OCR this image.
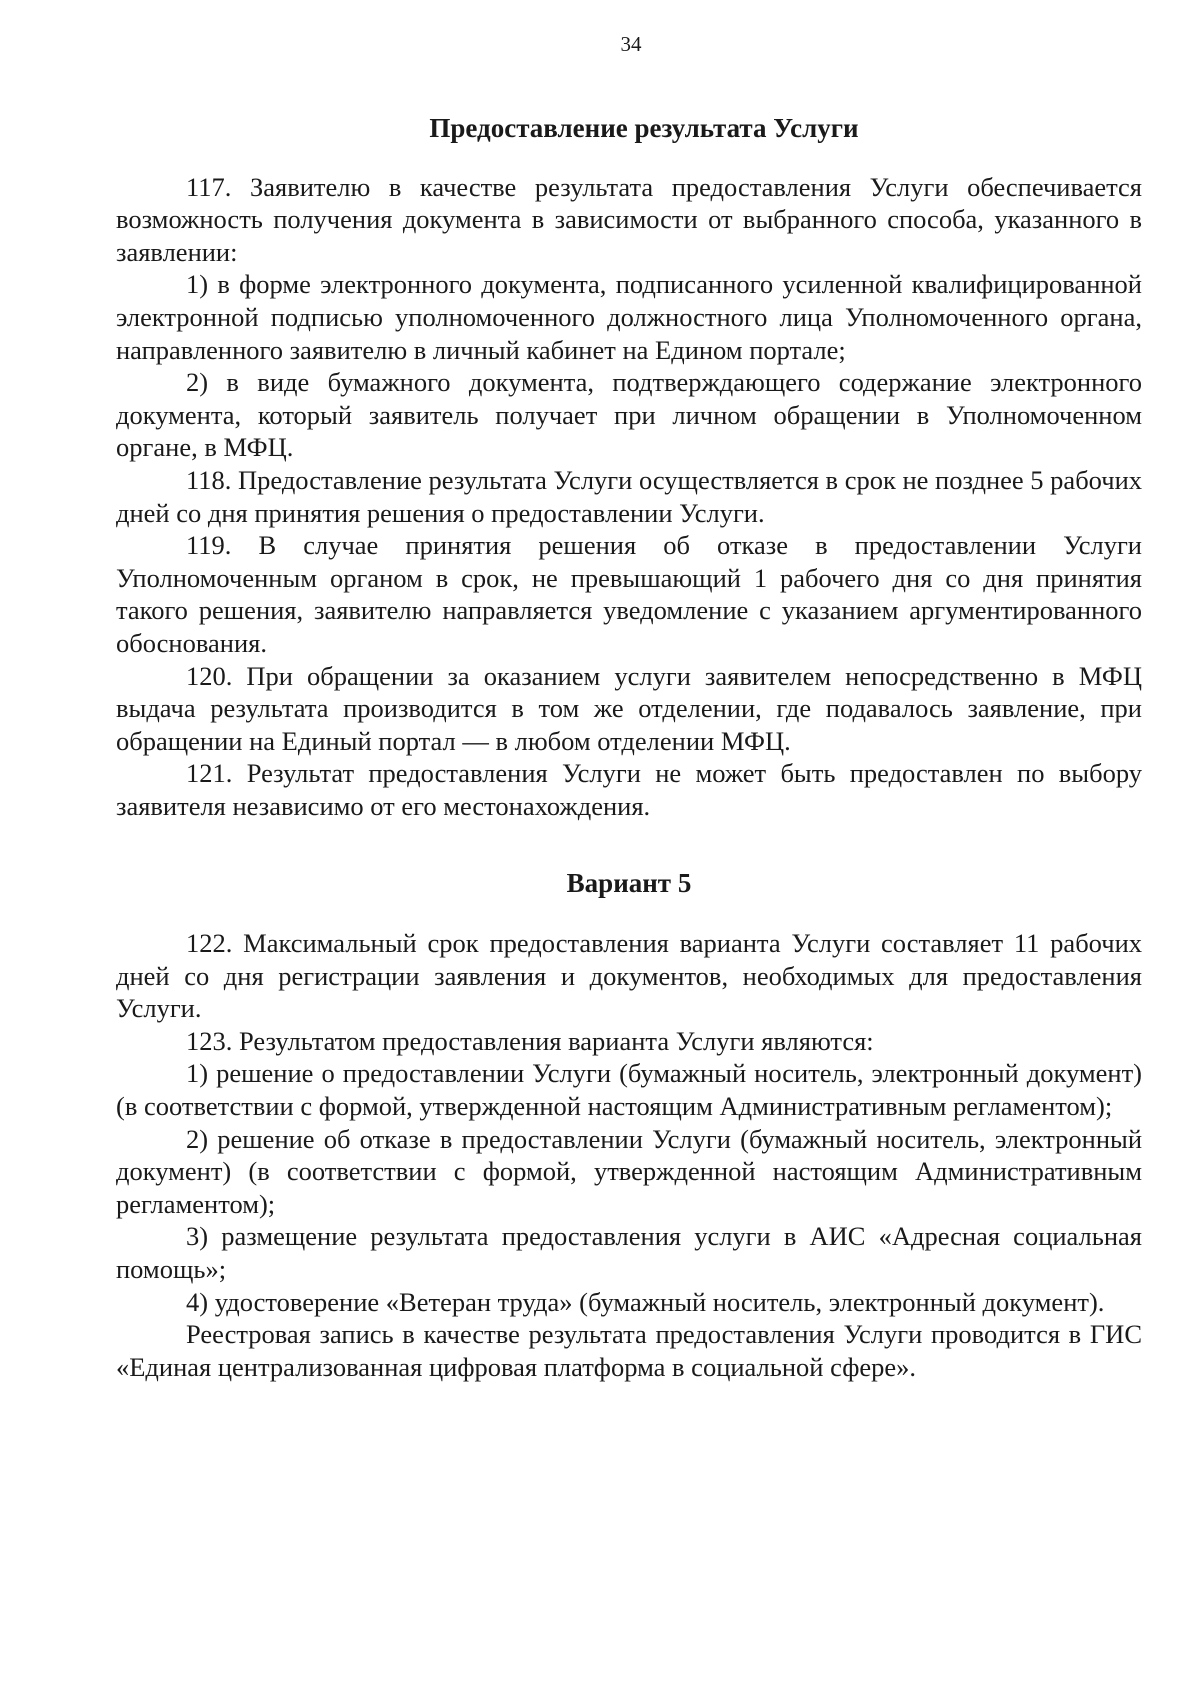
34
Предоставление результата Услуги

117. Заявителю в качестве результата предоставления Услуги обеспечивается возможность получения документа в зависимости от выбранного способа, указанного в заявлении:

1) в форме электронного документа, подписанного усиленной квалифицированной электронной подписью уполномоченного должностного лица Уполномоченного органа, направленного заявителю в личный кабинет на Едином портале;

2) в виде бумажного документа, подтверждающего содержание электронного документа, который заявитель получает при личном обращении в Уполномоченном органе, в МФЦ.

118. Предоставление результата Услуги осуществляется в срок не позднее 5 рабочих дней со дня принятия решения о предоставлении Услуги.

119. В случае принятия решения об отказе в предоставлении Услуги Уполномоченным органом в срок, не превышающий 1 рабочего дня со дня принятия такого решения, заявителю направляется уведомление с указанием аргументированного обоснования.

120. При обращении за оказанием услуги заявителем непосредственно в МФЦ выдача результата производится в том же отделении, где подавалось заявление, при обращении на Единый портал — в любом отделении МФЦ.

121. Результат предоставления Услуги не может быть предоставлен по выбору заявителя независимо от его местонахождения.

Вариант 5

122. Максимальный срок предоставления варианта Услуги составляет 11 рабочих дней со дня регистрации заявления и документов, необходимых для предоставления Услуги.

123. Результатом предоставления варианта Услуги являются:

1) решение о предоставлении Услуги (бумажный носитель, электронный документ) (в соответствии с формой, утвержденной настоящим Административным регламентом);

2) решение об отказе в предоставлении Услуги (бумажный носитель, электронный документ) (в соответствии с формой, утвержденной настоящим Административным регламентом);

3) размещение результата предоставления услуги в АИС «Адресная социальная помощь»;

4) удостоверение «Ветеран труда» (бумажный носитель, электронный документ).

Реестровая запись в качестве результата предоставления Услуги проводится в ГИС «Единая централизованная цифровая платформа в социальной сфере».
